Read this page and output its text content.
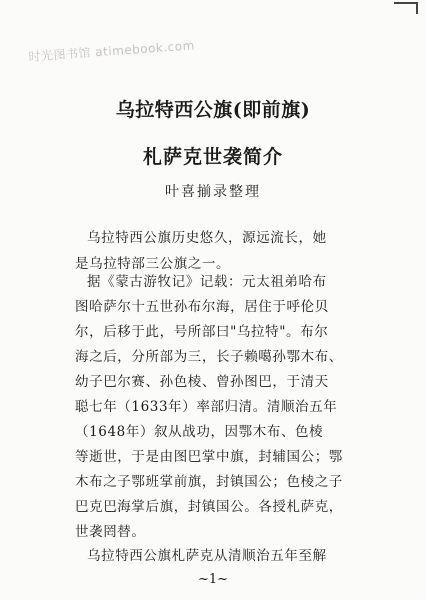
时光图书馆 atimebook.com
乌拉特西公旗(即前旗)
札萨克世袭简介
叶喜揃录整理
乌拉特西公旗历史悠久，源远流长，她
是乌拉特部三公旗之一。
据《蒙古游牧记》记载：元太祖弟哈布
图哈萨尔十五世孙布尔海，居住于呼伦贝
尔，后移于此，号所部曰"乌拉特"。布尔
海之后，分所部为三，长子赖噶孙鄂木布、
幼子巴尔赛、孙色棱、曾孙图巴，于清天
聪七年（1633年）率部归清。清顺治五年
（1648年）叙从战功，因鄂木布、色棱
等逝世，于是由图巴掌中旗，封辅国公；鄂
木布之子鄂班掌前旗，封镇国公；色棱之子
巴克巴海掌后旗，封镇国公。各授札萨克，
世袭罔替。
乌拉特西公旗札萨克从清顺治五年至解
~1~
